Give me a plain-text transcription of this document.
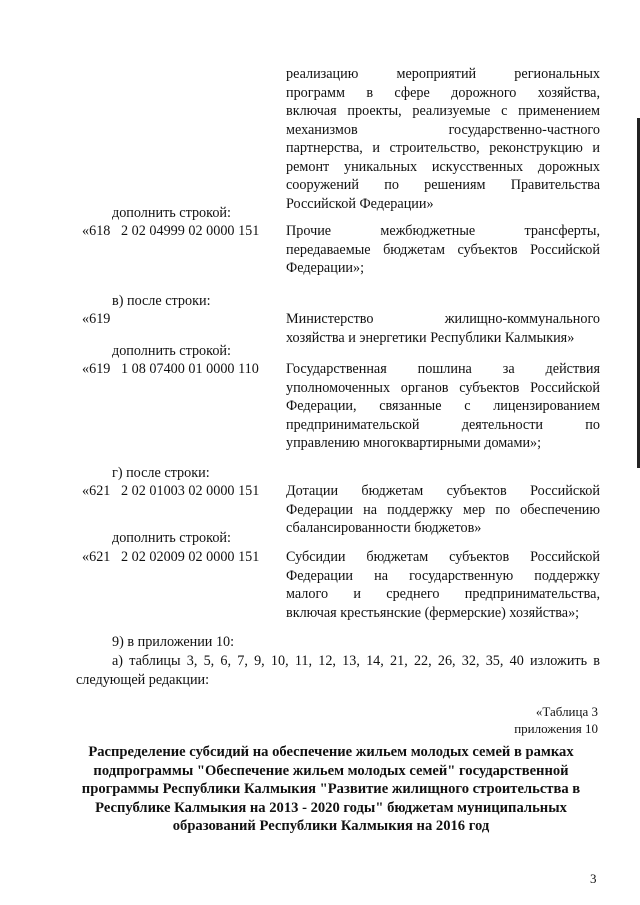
реализацию мероприятий региональных
программ в сфере дорожного хозяйства,
включая проекты, реализуемые с применением
механизмов государственно-частного
партнерства, и строительство, реконструкцию и
ремонт уникальных искусственных дорожных
сооружений по решениям Правительства
Российской Федерации»
дополнить строкой:
«618   2 02 04999 02 0000 151 Прочие межбюджетные трансферты,
передаваемые бюджетам субъектов Российской
Федерации»;
в) после строки:
«619	Министерство жилищно-коммунального
хозяйства и энергетики Республики Калмыкия»
дополнить строкой:
«619   1 08 07400 01 0000 110 Государственная пошлина за действия
уполномоченных органов субъектов Российской
Федерации, связанные с лицензированием
предпринимательской деятельности по
управлению многоквартирными домами»;
г) после строки:
«621   2 02 01003 02 0000 151 Дотации бюджетам субъектов Российской
Федерации на поддержку мер по обеспечению
сбалансированности бюджетов»
дополнить строкой:
«621   2 02 02009 02 0000 151 Субсидии бюджетам субъектов Российской
Федерации на государственную поддержку
малого и среднего предпринимательства,
включая крестьянские (фермерские) хозяйства»;
9) в приложении 10:
а) таблицы 3, 5, 6, 7, 9, 10, 11, 12, 13, 14, 21, 22, 26, 32, 35, 40 изложить в
следующей редакции:
«Таблица 3
приложения 10
Распределение субсидий на обеспечение жильем молодых семей в рамках
подпрограммы "Обеспечение жильем молодых семей" государственной
программы Республики Калмыкия "Развитие жилищного строительства в
Республике Калмыкия на 2013 - 2020 годы" бюджетам муниципальных
образований Республики Калмыкия на 2016 год
3
